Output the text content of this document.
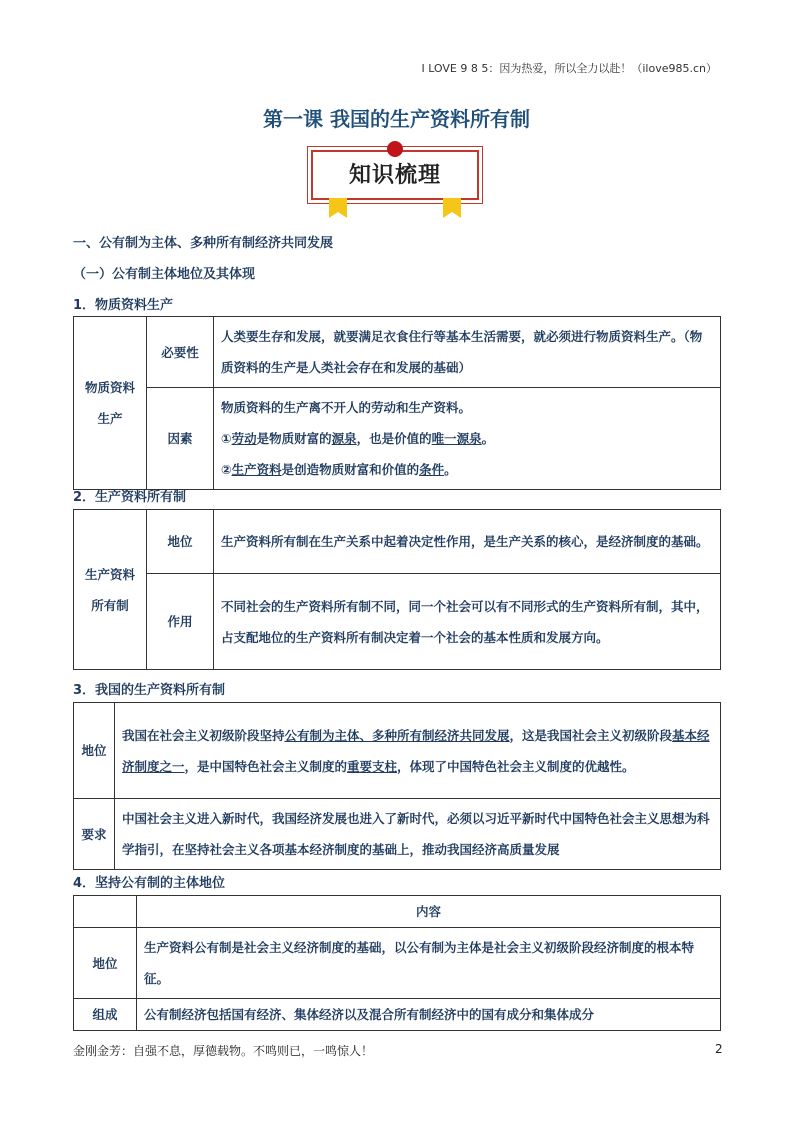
I LOVE 9 8 5：因为热爱，所以全力以赴！（ilove985.cn）
第一课 我国的生产资料所有制
知识梳理
一、公有制为主体、多种所有制经济共同发展
（一）公有制主体地位及其体现
1．物质资料生产
物质资料生产	必要性	人类要生存和发展，就要满足衣食住行等基本生活需要，就必须进行物质资料生产。（物质资料的生产是人类社会存在和发展的基础）
	因素	物质资料的生产离不开人的劳动和生产资料。
①劳动是物质财富的源泉，也是价值的唯一源泉。
②生产资料是创造物质财富和价值的条件。
2．生产资料所有制
生产资料所有制	地位	生产资料所有制在生产关系中起着决定性作用，是生产关系的核心，是经济制度的基础。
	作用	不同社会的生产资料所有制不同，同一个社会可以有不同形式的生产资料所有制，其中，占支配地位的生产资料所有制决定着一个社会的基本性质和发展方向。
3．我国的生产资料所有制
地位	我国在社会主义初级阶段坚持公有制为主体、多种所有制经济共同发展，这是我国社会主义初级阶段基本经济制度之一，是中国特色社会主义制度的重要支柱，体现了中国特色社会主义制度的优越性。
要求	中国社会主义进入新时代，我国经济发展也进入了新时代，必须以习近平新时代中国特色社会主义思想为科学指引，在坚持社会主义各项基本经济制度的基础上，推动我国经济高质量发展
4．坚持公有制的主体地位
	内容
地位	生产资料公有制是社会主义经济制度的基础，以公有制为主体是社会主义初级阶段经济制度的根本特征。
组成	公有制经济包括国有经济、集体经济以及混合所有制经济中的国有成分和集体成分
金刚金芳：自强不息，厚德载物。不鸣则已，一鸣惊人！	2
